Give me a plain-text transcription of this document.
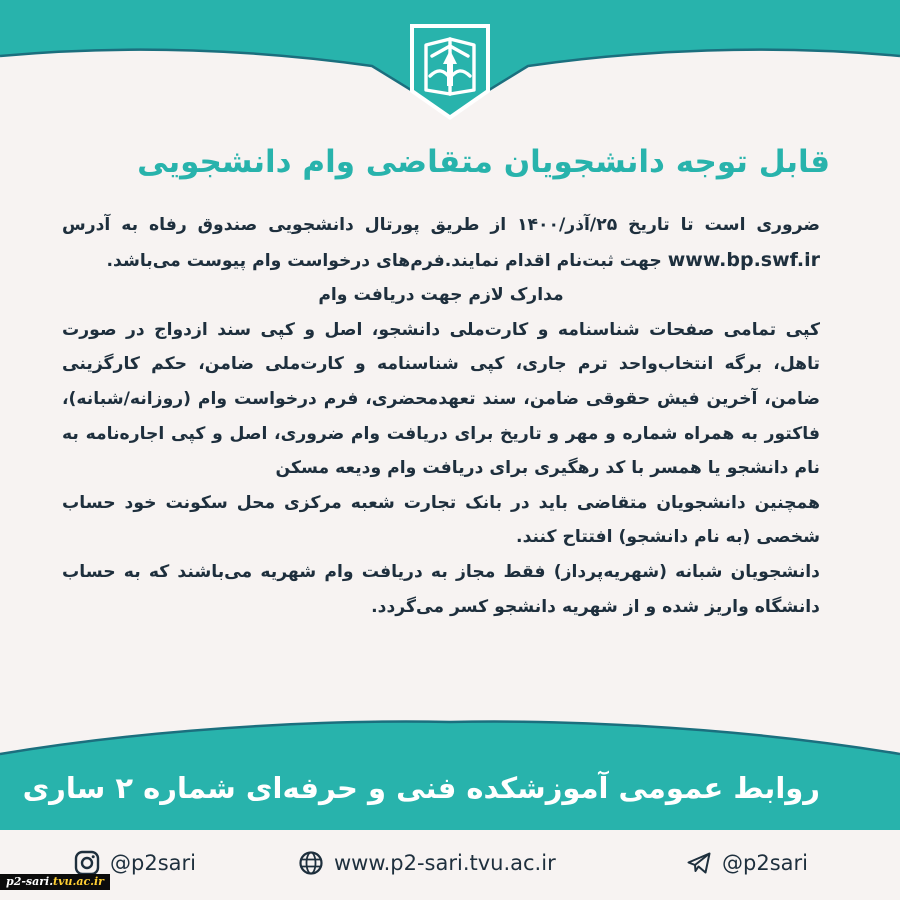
قابل توجه دانشجویان متقاضی وام دانشجویی

ضروری است تا تاریخ ۲۵/آذر/۱۴۰۰ از طریق پورتال دانشجویی صندوق رفاه به آدرس www.bp.swf.ir جهت ثبت‌نام اقدام نمایند.فرم‌های درخواست وام پیوست می‌باشد.

مدارک لازم جهت دریافت وام

کپی تمامی صفحات شناسنامه و کارت‌ملی دانشجو، اصل و کپی سند ازدواج در صورت تاهل، برگه انتخاب‌واحد ترم جاری، کپی شناسنامه و کارت‌ملی ضامن، حکم کارگزینی ضامن، آخرین فیش حقوقی ضامن، سند تعهدمحضری، فرم درخواست وام (روزانه/شبانه)، فاکتور به همراه شماره و مهر و تاریخ برای دریافت وام ضروری، اصل و کپی اجاره‌نامه به نام دانشجو یا همسر با کد رهگیری برای دریافت وام ودیعه مسکن

همچنین دانشجویان متقاضی باید در بانک تجارت شعبه مرکزی محل سکونت خود حساب شخصی (به نام دانشجو) افتتاح کنند.

دانشجویان شبانه (شهریه‌پرداز) فقط مجاز به دریافت وام شهریه می‌باشند که به حساب دانشگاه واریز شده و از شهریه دانشجو کسر می‌گردد.

روابط عمومی آموزشکده فنی و حرفه‌ای شماره ۲ ساری
@p2sari	www.p2-sari.tvu.ac.ir	@p2sari
p2-sari.tvu.ac.ir
